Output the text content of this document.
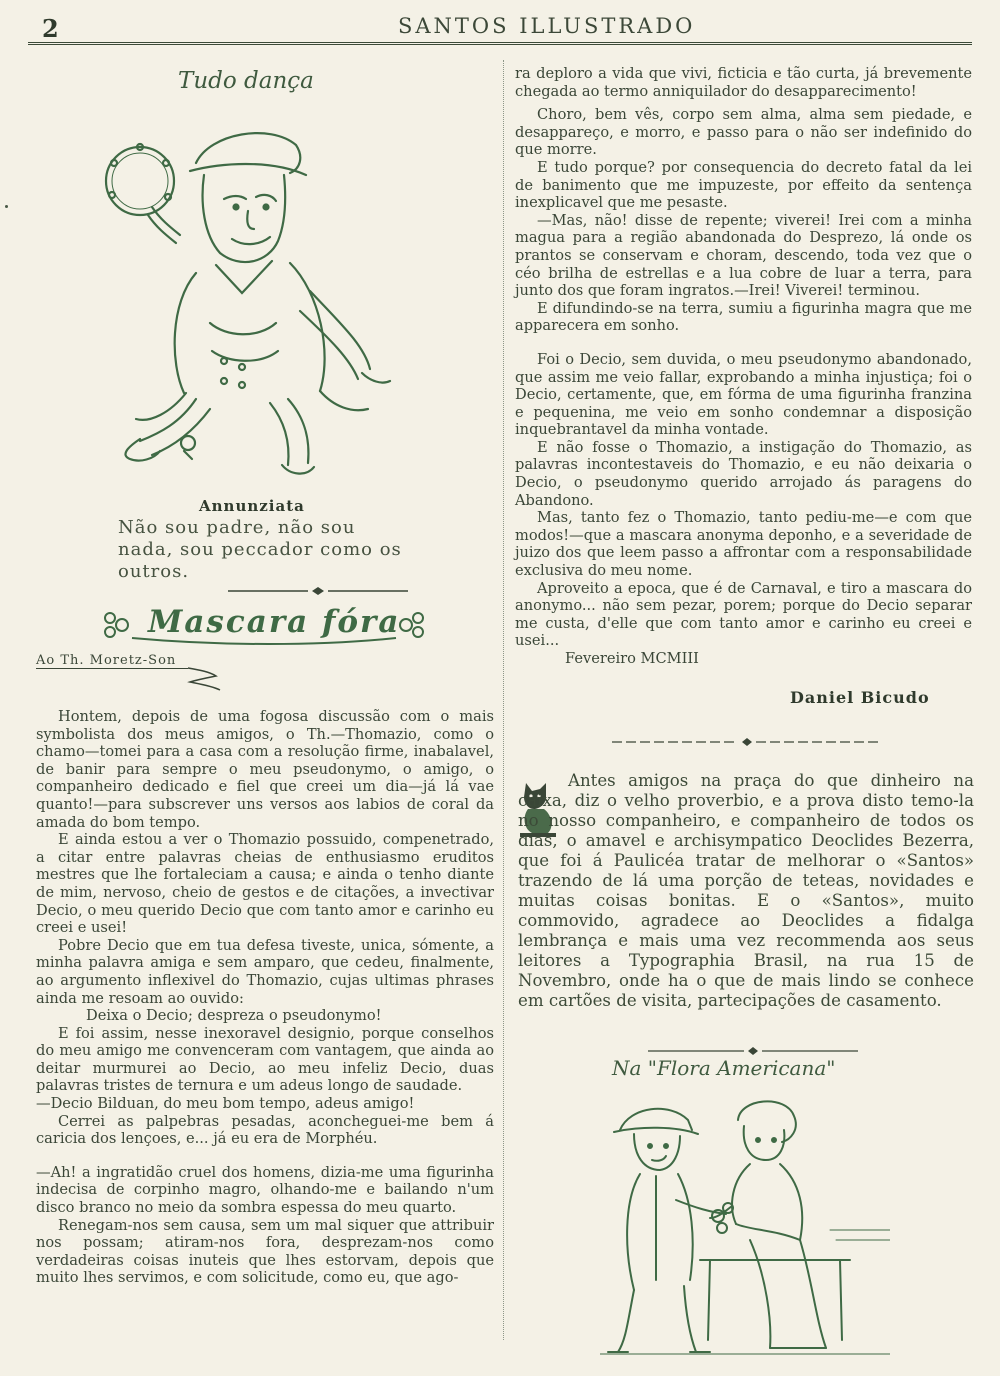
2	SANTOS ILLUSTRADO
Tudo dança
Annunziata
Não sou padre, não sou nada, sou peccador como os outros.
Mascara fóra
Ao Th. Moretz-Son

Hontem, depois de uma fogosa discussão com o mais symbolista dos meus amigos, o Th.—Thomazio, como o chamo—tomei para a casa com a resolução firme, inabalavel, de banir para sempre o meu pseudonymo, o amigo, o companheiro dedicado e fiel que creei um dia—já lá vae quanto!—para subscrever uns versos aos labios de coral da amada do bom tempo.

E ainda estou a ver o Thomazio possuido, compenetrado, a citar entre palavras cheias de enthusiasmo eruditos mestres que lhe fortaleciam a causa; e ainda o tenho diante de mim, nervoso, cheio de gestos e de citações, a invectivar Decio, o meu querido Decio que com tanto amor e carinho eu creei e usei!

Pobre Decio que em tua defesa tiveste, unica, sómente, a minha palavra amiga e sem amparo, que cedeu, finalmente, ao argumento inflexivel do Thomazio, cujas ultimas phrases ainda me resoam ao ouvido:

Deixa o Decio; despreza o pseudonymo!

E foi assim, nesse inexoravel designio, porque conselhos do meu amigo me convenceram com vantagem, que ainda ao deitar murmurei ao Decio, ao meu infeliz Decio, duas palavras tristes de ternura e um adeus longo de saudade.

—Decio Bilduan, do meu bom tempo, adeus amigo!

Cerrei as palpebras pesadas, aconcheguei-me bem á caricia dos lençoes, e... já eu era de Morphéu.

—Ah! a ingratidão cruel dos homens, dizia-me uma figurinha indecisa de corpinho magro, olhando-me e bailando n'um disco branco no meio da sombra espessa do meu quarto.

Renegam-nos sem causa, sem um mal siquer que attribuir nos possam; atiram-nos fora, desprezam-nos como verdadeiras coisas inuteis que lhes estorvam, depois que muito lhes servimos, e com solicitude, como eu, que ago-

ra deploro a vida que vivi, ficticia e tão curta, já brevemente chegada ao termo anniquilador do desapparecimento!

Choro, bem vês, corpo sem alma, alma sem piedade, e desappareço, e morro, e passo para o não ser indefinido do que morre.

E tudo porque? por consequencia do decreto fatal da lei de banimento que me impuzeste, por effeito da sentença inexplicavel que me pesaste.

—Mas, não! disse de repente; viverei! Irei com a minha magua para a região abandonada do Desprezo, lá onde os prantos se conservam e choram, descendo, toda vez que o céo brilha de estrellas e a lua cobre de luar a terra, para junto dos que foram ingratos.—Irei! Viverei! terminou.

E difundindo-se na terra, sumiu a figurinha magra que me apparecera em sonho.

Foi o Decio, sem duvida, o meu pseudonymo abandonado, que assim me veio fallar, exprobando a minha injustiça; foi o Decio, certamente, que, em fórma de uma figurinha franzina e pequenina, me veio em sonho condemnar a disposição inquebrantavel da minha vontade.

E não fosse o Thomazio, a instigação do Thomazio, as palavras incontestaveis do Thomazio, e eu não deixaria o Decio, o pseudonymo querido arrojado ás paragens do Abandono.

Mas, tanto fez o Thomazio, tanto pediu-me—e com que modos!—que a mascara anonyma deponho, e a severidade de juizo dos que leem passo a affrontar com a responsabilidade exclusiva do meu nome.

Aproveito a epoca, que é de Carnaval, e tiro a mascara do anonymo... não sem pezar, porem; porque do Decio separar me custa, d'elle que com tanto amor e carinho eu creei e usei...

Fevereiro MCMIII

Daniel Bicudo

Antes amigos na praça do que dinheiro na caixa, diz o velho proverbio, e a prova disto temo-la no nosso companheiro, e companheiro de todos os dias, o amavel e archisympatico Deoclides Bezerra, que foi á Paulicéa tratar de melhorar o «Santos» trazendo de lá uma porção de teteas, novidades e muitas coisas bonitas. E o «Santos», muito commovido, agradece ao Deoclides a fidalga lembrança e mais uma vez recommenda aos seus leitores a Typographia Brasil, na rua 15 de Novembro, onde ha o que de mais lindo se conhece em cartões de visita, partecipações de casamento.

Na "Flora Americana"
